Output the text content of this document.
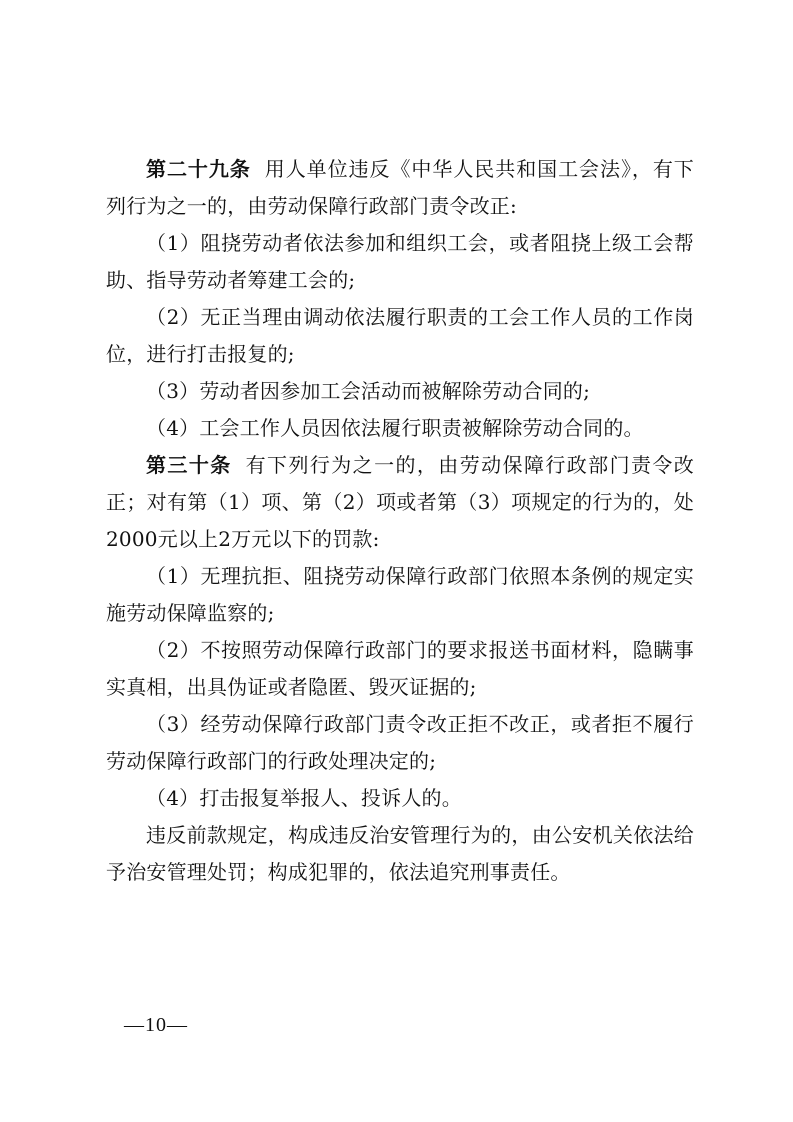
第二十九条 用人单位违反《中华人民共和国工会法》，有下列行为之一的，由劳动保障行政部门责令改正:

（1）阻挠劳动者依法参加和组织工会，或者阻挠上级工会帮助、指导劳动者筹建工会的;

（2）无正当理由调动依法履行职责的工会工作人员的工作岗位，进行打击报复的;

（3）劳动者因参加工会活动而被解除劳动合同的;

（4）工会工作人员因依法履行职责被解除劳动合同的。

第三十条 有下列行为之一的，由劳动保障行政部门责令改正；对有第（1）项、第（2）项或者第（3）项规定的行为的，处2000元以上2万元以下的罚款:

（1）无理抗拒、阻挠劳动保障行政部门依照本条例的规定实施劳动保障监察的;

（2）不按照劳动保障行政部门的要求报送书面材料，隐瞒事实真相，出具伪证或者隐匿、毁灭证据的;

（3）经劳动保障行政部门责令改正拒不改正，或者拒不履行劳动保障行政部门的行政处理决定的;

（4）打击报复举报人、投诉人的。

违反前款规定，构成违反治安管理行为的，由公安机关依法给予治安管理处罚；构成犯罪的，依法追究刑事责任。

—10—
